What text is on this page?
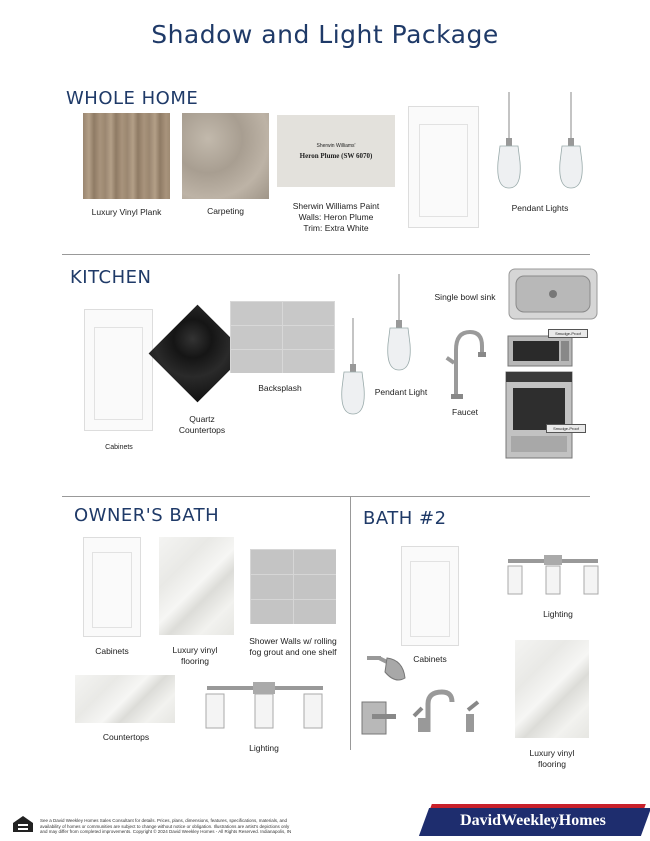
Shadow and Light Package
WHOLE HOME
Luxury Vinyl Plank	Carpeting
Sherwin Williams'
Heron Plume (SW 6070)
Sherwin Williams Paint
Walls: Heron Plume
Trim: Extra White
Pendant Lights
KITCHEN
Cabinets
Quartz
Countertops
Backsplash	Pendant Light
Faucet
Single bowl sink
Smudge-Proof
Smudge-Proof
OWNER'S BATH
Cabinets	Luxury vinyl
flooring
Shower Walls w/ rolling
fog grout and one shelf
Countertops
Lighting
BATH #2
Cabinets
Lighting
Luxury vinyl
flooring
See a David Weekley Homes Sales Consultant for details. Prices, plans, dimensions, features, specifications, materials, and
availability of homes or communities are subject to change without notice or obligation. Illustrations are artist's depictions only
and may differ from completed improvements. Copyright © 2024 David Weekley Homes - All Rights Reserved. Indianapolis, IN
DavidWeekleyHomes
